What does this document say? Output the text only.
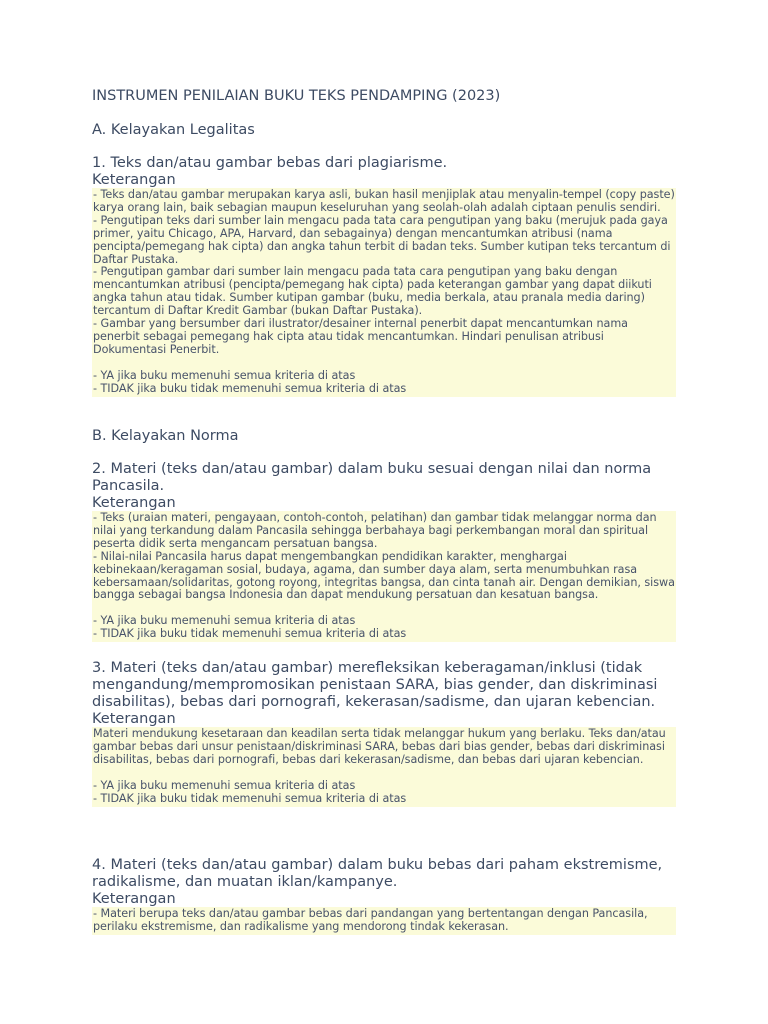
INSTRUMEN PENILAIAN BUKU TEKS PENDAMPING (2023)
A. Kelayakan Legalitas
1. Teks dan/atau gambar bebas dari plagiarisme.
Keterangan

- Teks dan/atau gambar merupakan karya asli, bukan hasil menjiplak atau menyalin-tempel (copy paste) karya orang lain, baik sebagian maupun keseluruhan yang seolah-olah adalah ciptaan penulis sendiri.

- Pengutipan teks dari sumber lain mengacu pada tata cara pengutipan yang baku (merujuk pada gaya primer, yaitu Chicago, APA, Harvard, dan sebagainya) dengan mencantumkan atribusi (nama pencipta/pemegang hak cipta) dan angka tahun terbit di badan teks. Sumber kutipan teks tercantum di Daftar Pustaka.

- Pengutipan gambar dari sumber lain mengacu pada tata cara pengutipan yang baku dengan mencantumkan atribusi (pencipta/pemegang hak cipta) pada keterangan gambar yang dapat diikuti angka tahun atau tidak. Sumber kutipan gambar (buku, media berkala, atau pranala media daring) tercantum di Daftar Kredit Gambar (bukan Daftar Pustaka).

- Gambar yang bersumber dari ilustrator/desainer internal penerbit dapat mencantumkan nama penerbit sebagai pemegang hak cipta atau tidak mencantumkan. Hindari penulisan atribusi Dokumentasi Penerbit.

- YA jika buku memenuhi semua kriteria di atas

- TIDAK jika buku tidak memenuhi semua kriteria di atas

B. Kelayakan Norma
2. Materi (teks dan/atau gambar) dalam buku sesuai dengan nilai dan norma Pancasila.
Keterangan

- Teks (uraian materi, pengayaan, contoh-contoh, pelatihan) dan gambar tidak melanggar norma dan nilai yang terkandung dalam Pancasila sehingga berbahaya bagi perkembangan moral dan spiritual peserta didik serta mengancam persatuan bangsa.

- Nilai-nilai Pancasila harus dapat mengembangkan pendidikan karakter, menghargai kebinekaan/keragaman sosial, budaya, agama, dan sumber daya alam, serta menumbuhkan rasa kebersamaan/solidaritas, gotong royong, integritas bangsa, dan cinta tanah air. Dengan demikian, siswa bangga sebagai bangsa Indonesia dan dapat mendukung persatuan dan kesatuan bangsa.

- YA jika buku memenuhi semua kriteria di atas

- TIDAK jika buku tidak memenuhi semua kriteria di atas

3. Materi (teks dan/atau gambar) merefleksikan keberagaman/inklusi (tidak mengandung/mempromosikan penistaan SARA, bias gender, dan diskriminasi disabilitas), bebas dari pornografi, kekerasan/sadisme, dan ujaran kebencian.
Keterangan

Materi mendukung kesetaraan dan keadilan serta tidak melanggar hukum yang berlaku. Teks dan/atau gambar bebas dari unsur penistaan/diskriminasi SARA, bebas dari bias gender, bebas dari diskriminasi disabilitas, bebas dari pornografi, bebas dari kekerasan/sadisme, dan bebas dari ujaran kebencian.

- YA jika buku memenuhi semua kriteria di atas

- TIDAK jika buku tidak memenuhi semua kriteria di atas

4. Materi (teks dan/atau gambar) dalam buku bebas dari paham ekstremisme, radikalisme, dan muatan iklan/kampanye.
Keterangan

- Materi berupa teks dan/atau gambar bebas dari pandangan yang bertentangan dengan Pancasila, perilaku ekstremisme, dan radikalisme yang mendorong tindak kekerasan.
